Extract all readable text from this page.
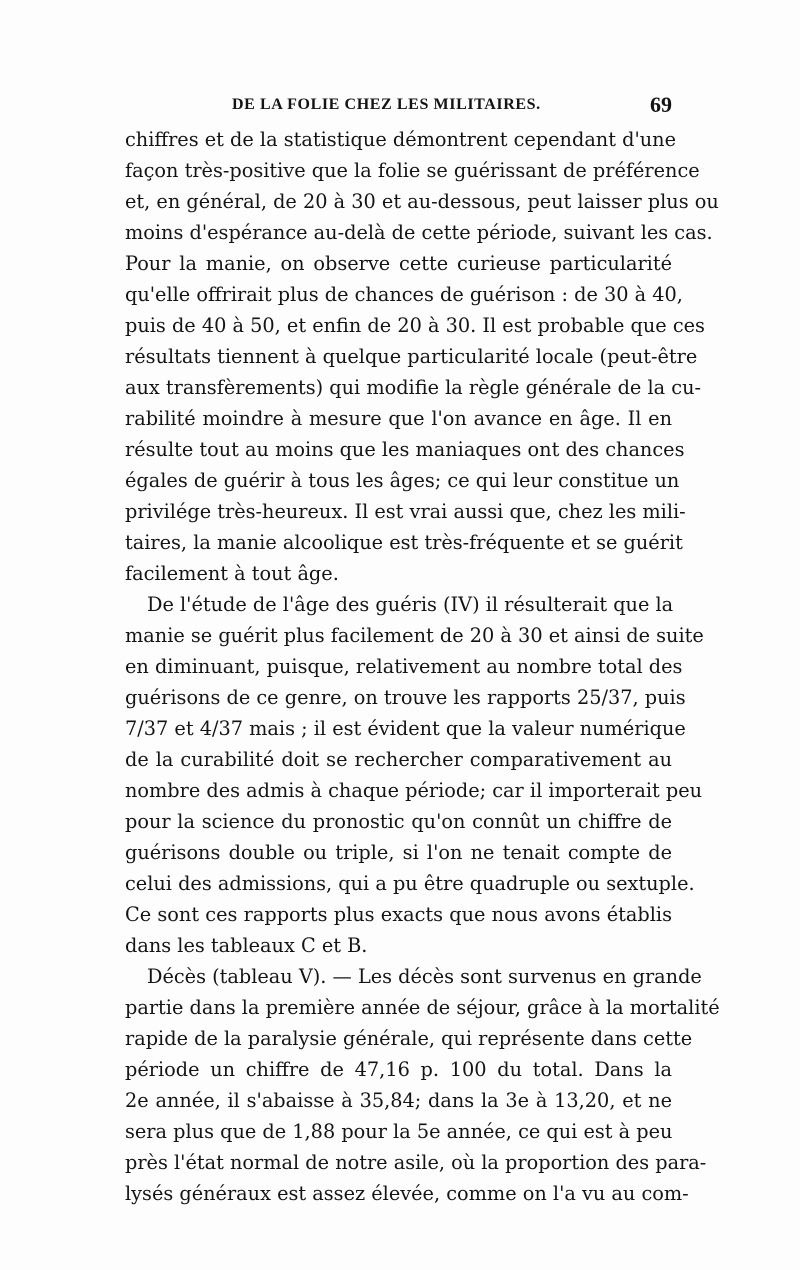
DE LA FOLIE CHEZ LES MILITAIRES.	69
chiffres et de la statistique démontrent cependant d'une
façon très-positive que la folie se guérissant de préférence
et, en général, de 20 à 30 et au-dessous, peut laisser plus ou
moins d'espérance au-delà de cette période, suivant les cas.
Pour la manie, on observe cette curieuse particularité
qu'elle offrirait plus de chances de guérison : de 30 à 40,
puis de 40 à 50, et enfin de 20 à 30. Il est probable que ces
résultats tiennent à quelque particularité locale (peut-être
aux transfèrements) qui modifie la règle générale de la cu-
rabilité moindre à mesure que l'on avance en âge. Il en
résulte tout au moins que les maniaques ont des chances
égales de guérir à tous les âges; ce qui leur constitue un
privilége très-heureux. Il est vrai aussi que, chez les mili-
taires, la manie alcoolique est très-fréquente et se guérit
facilement à tout âge.
De l'étude de l'âge des guéris (IV) il résulterait que la
manie se guérit plus facilement de 20 à 30 et ainsi de suite
en diminuant, puisque, relativement au nombre total des
guérisons de ce genre, on trouve les rapports 25/37, puis
7/37 et 4/37 mais ; il est évident que la valeur numérique
de la curabilité doit se rechercher comparativement au
nombre des admis à chaque période; car il importerait peu
pour la science du pronostic qu'on connût un chiffre de
guérisons double ou triple, si l'on ne tenait compte de
celui des admissions, qui a pu être quadruple ou sextuple.
Ce sont ces rapports plus exacts que nous avons établis
dans les tableaux C et B.
Décès (tableau V). — Les décès sont survenus en grande
partie dans la première année de séjour, grâce à la mortalité
rapide de la paralysie générale, qui représente dans cette
période un chiffre de 47,16 p. 100 du total. Dans la
2e année, il s'abaisse à 35,84; dans la 3e à 13,20, et ne
sera plus que de 1,88 pour la 5e année, ce qui est à peu
près l'état normal de notre asile, où la proportion des para-
lysés généraux est assez élevée, comme on l'a vu au com-
